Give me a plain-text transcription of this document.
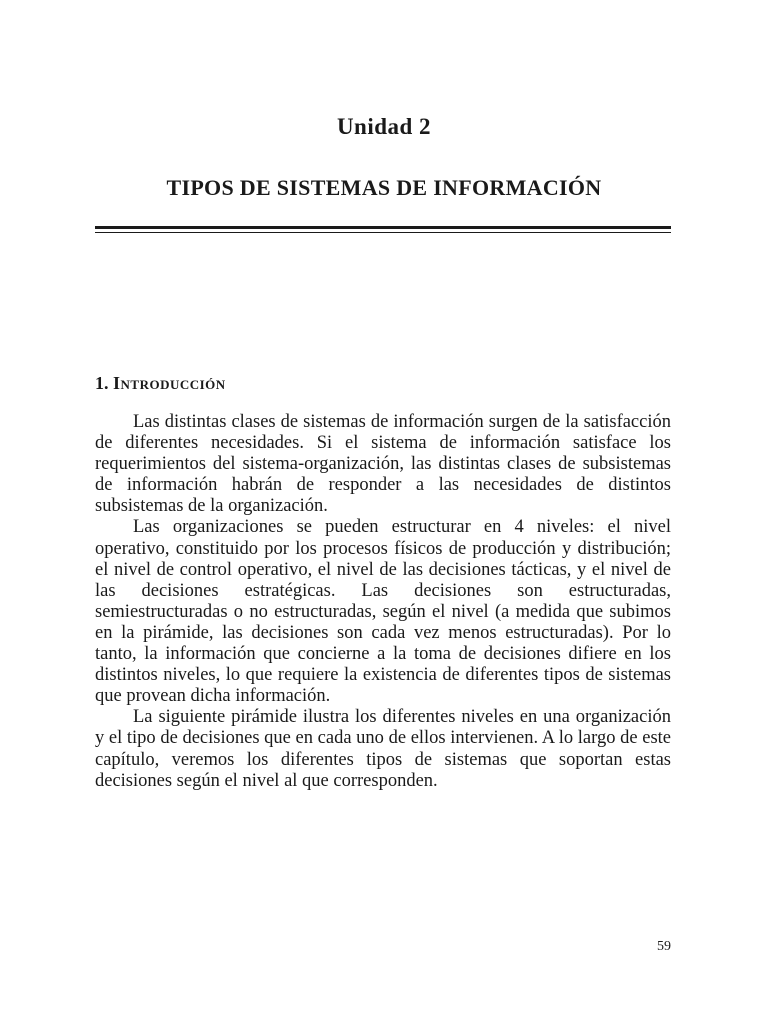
Unidad 2
TIPOS DE SISTEMAS DE INFORMACIÓN
1. Introducción

Las distintas clases de sistemas de información surgen de la satisfacción de diferentes necesidades. Si el sistema de información satisface los requerimientos del sistema-organización, las distintas clases de subsistemas de información habrán de responder a las necesidades de distintos subsistemas de la organización.

Las organizaciones se pueden estructurar en 4 niveles: el nivel operativo, constituido por los procesos físicos de producción y distribución; el nivel de control operativo, el nivel de las decisiones tácticas, y el nivel de las decisiones estratégicas. Las decisiones son estructuradas, semiestructuradas o no estructuradas, según el nivel (a medida que subimos en la pirámide, las decisiones son cada vez menos estructuradas). Por lo tanto, la información que concierne a la toma de decisiones difiere en los distintos niveles, lo que requiere la existencia de diferentes tipos de sistemas que provean dicha información.

La siguiente pirámide ilustra los diferentes niveles en una organización y el tipo de decisiones que en cada uno de ellos intervienen. A lo largo de este capítulo, veremos los diferentes tipos de sistemas que soportan estas decisiones según el nivel al que corresponden.

59
